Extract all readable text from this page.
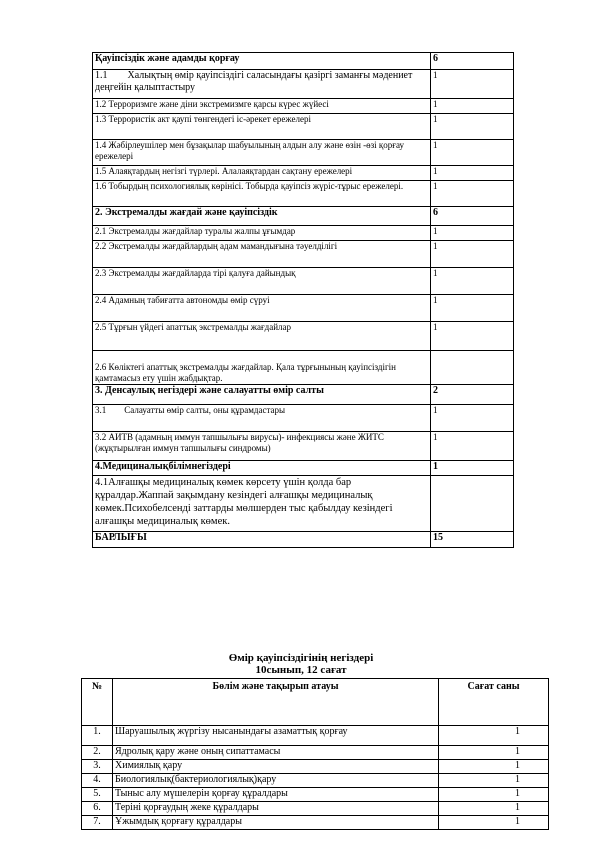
Қауіпсіздік және адамды қорғау	6
1.1        Халықтың өмір қауіпсіздігі саласындағы қазіргі заманғы мәдениет деңгейін қалыптастыру	1
1.2 Терроризмге және діни экстремизмге қарсы күрес жүйесі	1
1.3 Террористік акт қаупі төнгендегі іс-әрекет ережелері	1
1.4 Жәбірлеушілер мен бұзақылар шабуылының алдын алу және өзін -өзі қорғау ережелері	1
1.5 Алаяқтардың негізгі түрлері. Алалаяқтардан сақтану ережелері	1
1.6 Тобырдың психологиялық көрінісі. Тобырда қауіпсіз жүріс-тұрыс ережелері.	1
2. Экстремалды жағдай және қауіпсіздік	6
2.1 Экстремалды жағдайлар туралы жалпы ұғымдар	1
2.2 Экстремалды жағдайлардың адам мамандығына тәуелділігі	1
2.3 Экстремалды жағдайларда тірі қалуға дайындық	1
2.4 Адамның табиғатта автономды өмір сүруі	1
2.5 Тұрғын үйдегі апаттық экстремалды жағдайлар	1
2.6 Көліктегі апаттық экстремалды жағдайлар. Қала тұрғынының қауіпсіздігін қамтамасыз ету үшін жабдықтар.	
3. Денсаулық негіздері және салауатты өмір салты	2
3.1        Салауатты өмір салты, оны құрамдастары	1
3.2 АИТВ (адамның иммун тапшылығы вирусы)- инфекциясы және ЖИТС (жұқтырылған иммун тапшылығы синдромы)	1
4.Медициналықбілімнегіздері	1
4.1Алғашқы медициналық көмек көрсету үшін қолда бар құралдар.Жаппай зақымдану кезіндегі алғашқы медициналық көмек.Психобелсенді заттарды мөлшерден тыс қабылдау кезіндегі алғашқы медициналық көмек.	
БАРЛЫҒЫ	15
Өмір қауіпсіздігінің негіздері
10сынып, 12 сағат
№	Бөлім және тақырып атауы	Сағат саны
1.	Шаруашылық жүргізу нысанындағы азаматтық қорғау	1
2.	Ядролық қару және оның сипаттамасы	1
3.	Химиялық қару	1
4.	Биологиялық(бактериологиялық)қару	1
5.	Тыныс алу мүшелерін қорғау құралдары	1
6.	Теріні қорғаудың жеке құралдары	1
7.	Ұжымдық қорғағу құралдары	1
